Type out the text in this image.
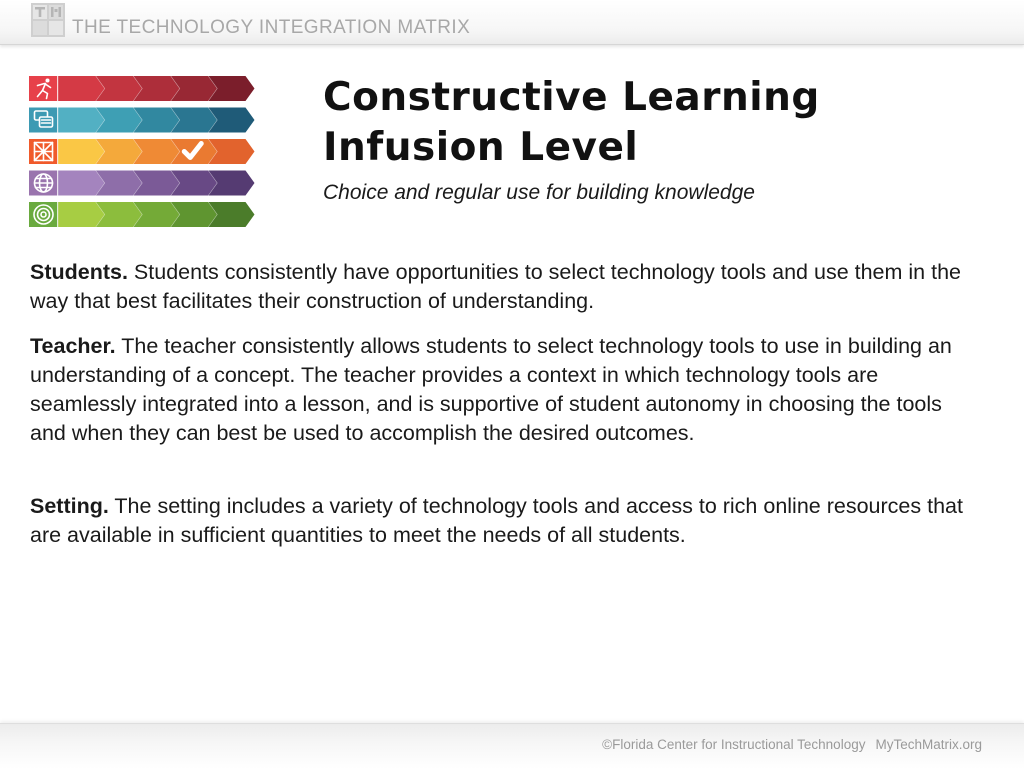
THE TECHNOLOGY INTEGRATION MATRIX
Constructive Learning Infusion Level
Choice and regular use for building knowledge
Students. Students consistently have opportunities to select technology tools and use them in the way that best facilitates their construction of understanding.
Teacher. The teacher consistently allows students to select technology tools to use in building an understanding of a concept. The teacher provides a context in which technology tools are seamlessly integrated into a lesson, and is supportive of student autonomy in choosing the tools and when they can best be used to accomplish the desired outcomes.
Setting. The setting includes a variety of technology tools and access to rich online resources that are available in sufficient quantities to meet the needs of all students.
©Florida Center for Instructional Technology MyTechMatrix.org
